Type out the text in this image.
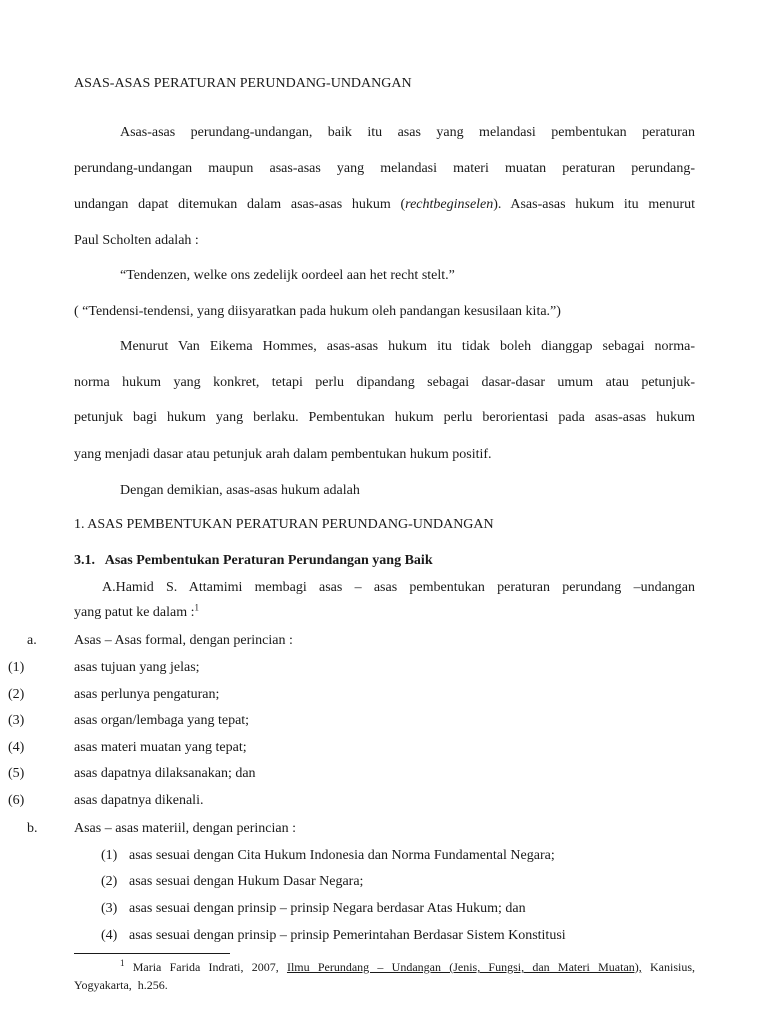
ASAS-ASAS PERATURAN PERUNDANG-UNDANGAN
Asas-asas perundang-undangan, baik itu asas yang melandasi pembentukan peraturan
perundang-undangan maupun asas-asas yang melandasi materi muatan peraturan perundang-
undangan dapat ditemukan dalam asas-asas hukum (rechtbeginselen). Asas-asas hukum itu menurut
Paul Scholten adalah :
“Tendenzen, welke ons zedelijk oordeel aan het recht stelt.”
( “Tendensi-tendensi, yang diisyaratkan pada hukum oleh pandangan kesusilaan kita.”)
Menurut Van Eikema Hommes, asas-asas hukum itu tidak boleh dianggap sebagai norma-
norma hukum yang konkret, tetapi perlu dipandang sebagai dasar-dasar umum atau petunjuk-
petunjuk bagi hukum yang berlaku. Pembentukan hukum perlu berorientasi pada asas-asas hukum
yang menjadi dasar atau petunjuk arah dalam pembentukan hukum positif.
Dengan demikian, asas-asas hukum adalah
1. ASAS PEMBENTUKAN PERATURAN PERUNDANG-UNDANGAN
3.1.   Asas Pembentukan Peraturan Perundangan yang Baik
A.Hamid S. Attamimi membagi asas – asas pembentukan peraturan perundang –undangan
yang patut ke dalam :$^1$
a.	Asas – Asas formal, dengan perincian :
(1)	asas tujuan yang jelas;
(2)	asas perlunya pengaturan;
(3)	asas organ/lembaga yang tepat;
(4)	asas materi muatan yang tepat;
(5)	asas dapatnya dilaksanakan; dan
(6)	asas dapatnya dikenali.
b.	Asas – asas materiil, dengan perincian :
(1) asas sesuai dengan Cita Hukum Indonesia dan Norma Fundamental Negara;
(2) asas sesuai dengan Hukum Dasar Negara;
(3) asas sesuai dengan prinsip – prinsip Negara berdasar Atas Hukum; dan
(4) asas sesuai dengan prinsip – prinsip Pemerintahan Berdasar Sistem Konstitusi
$^1$ Maria Farida Indrati, 2007, Ilmu Perundang – Undangan (Jenis, Fungsi, dan Materi Muatan), Kanisius,
Yogyakarta,  h.256.
